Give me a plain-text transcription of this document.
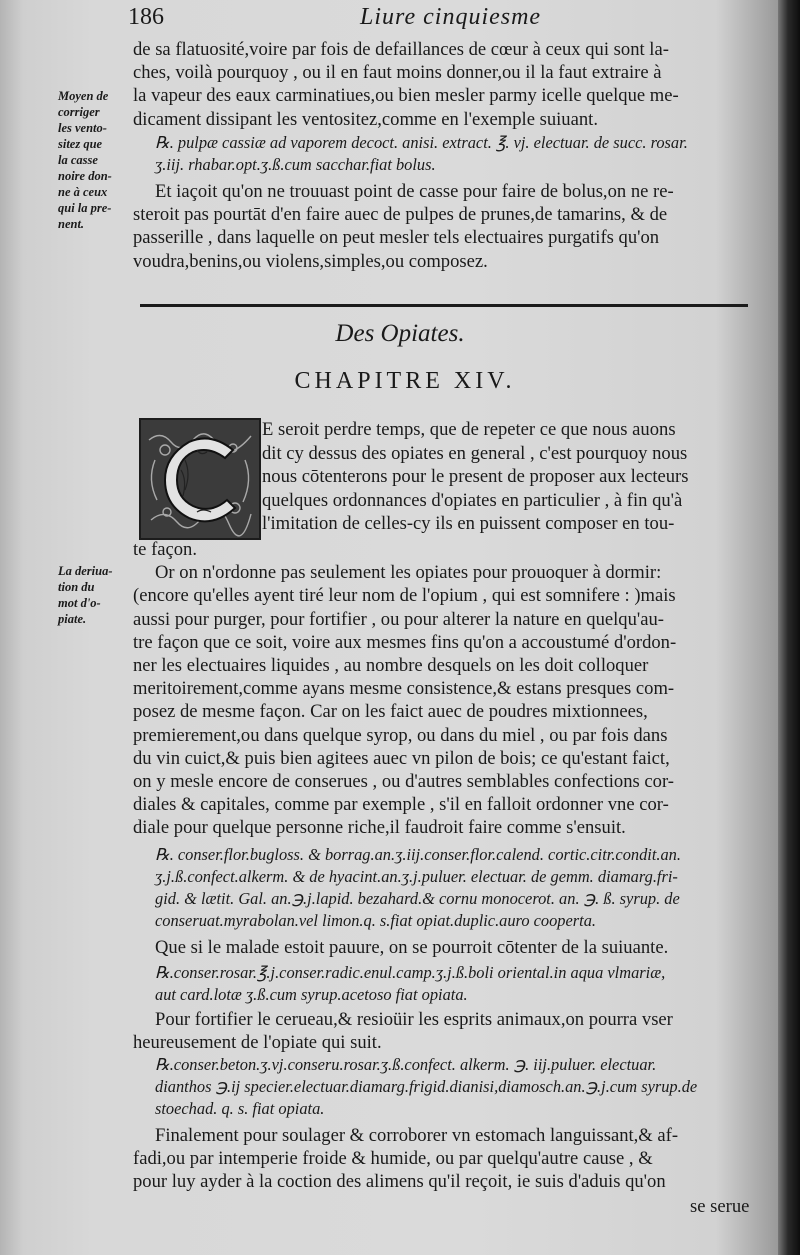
186	Liure cinquiesme

de sa flatuosité,voire par fois de defaillances de cœur à ceux qui sont la-

ches, voilà pourquoy , ou il en faut moins donner,ou il la faut extraire à

la vapeur des eaux carminatiues,ou bien mesler parmy icelle quelque me-

dicament dissipant les ventositez,comme en l'exemple suiuant.

℞. pulpæ cassiæ ad vaporem decoct. anisi. extract. ℥. vj. electuar. de succ. rosar.

ʒ.iij. rhabar.opt.ʒ.ß.cum sacchar.fiat bolus.

Et iaçoit qu'on ne trouuast point de casse pour faire de bolus,on ne re-

steroit pas pourtāt d'en faire auec de pulpes de prunes,de tamarins, & de

passerille , dans laquelle on peut mesler tels electuaires purgatifs qu'on

voudra,benins,ou violens,simples,ou composez.

Moyen de
corriger
les vento-
sitez que
la casse
noire don-
ne à ceux
qui la pre-
nent.
Des Opiates.
CHAPITRE XIV.

E seroit perdre temps, que de repeter ce que nous auons

dit cy dessus des opiates en general , c'est pourquoy nous

nous cōtenterons pour le present de proposer aux lecteurs

quelques ordonnances d'opiates en particulier , à fin qu'à

l'imitation de celles-cy ils en puissent composer en tou-

La deriua-
tion du
mot d'o-
piate.

te façon.

Or on n'ordonne pas seulement les opiates pour prouoquer à dormir:

(encore qu'elles ayent tiré leur nom de l'opium , qui est somnifere : )mais

aussi pour purger, pour fortifier , ou pour alterer la nature en quelqu'au-

tre façon que ce soit, voire aux mesmes fins qu'on a accoustumé d'ordon-

ner les electuaires liquides , au nombre desquels on les doit colloquer

meritoirement,comme ayans mesme consistence,& estans presques com-

posez de mesme façon. Car on les faict auec de poudres mixtionnees,

premierement,ou dans quelque syrop, ou dans du miel , ou par fois dans

du vin cuict,& puis bien agitees auec vn pilon de bois; ce qu'estant faict,

on y mesle encore de conserues , ou d'autres semblables confections cor-

diales & capitales, comme par exemple , s'il en falloit ordonner vne cor-

diale pour quelque personne riche,il faudroit faire comme s'ensuit.

℞. conser.flor.bugloss. & borrag.an.ʒ.iij.conser.flor.calend. cortic.citr.condit.an.

ʒ.j.ß.confect.alkerm. & de hyacint.an.ʒ.j.puluer. electuar. de gemm. diamarg.fri-

gid. & lætit. Gal. an.℈.j.lapid. bezahard.& cornu monocerot. an. ℈. ß. syrup. de

conseruat.myrabolan.vel limon.q. s.fiat opiat.duplic.auro cooperta.

Que si le malade estoit pauure, on se pourroit cōtenter de la suiuante.

℞.conser.rosar.℥.j.conser.radic.enul.camp.ʒ.j.ß.boli oriental.in aqua vlmariæ,

aut card.lotæ ʒ.ß.cum syrup.acetoso fiat opiata.

Pour fortifier le cerueau,& resioüir les esprits animaux,on pourra vser

heureusement de l'opiate qui suit.

℞.conser.beton.ʒ.vj.conseru.rosar.ʒ.ß.confect. alkerm. ℈. iij.puluer. electuar.

dianthos ℈.ij specier.electuar.diamarg.frigid.dianisi,diamosch.an.℈.j.cum syrup.de

stoechad. q. s. fiat opiata.

Finalement pour soulager & corroborer vn estomach languissant,& af-

fadi,ou par intemperie froide & humide, ou par quelqu'autre cause , &

pour luy ayder à la coction des alimens qu'il reçoit, ie suis d'aduis qu'on

se serue
